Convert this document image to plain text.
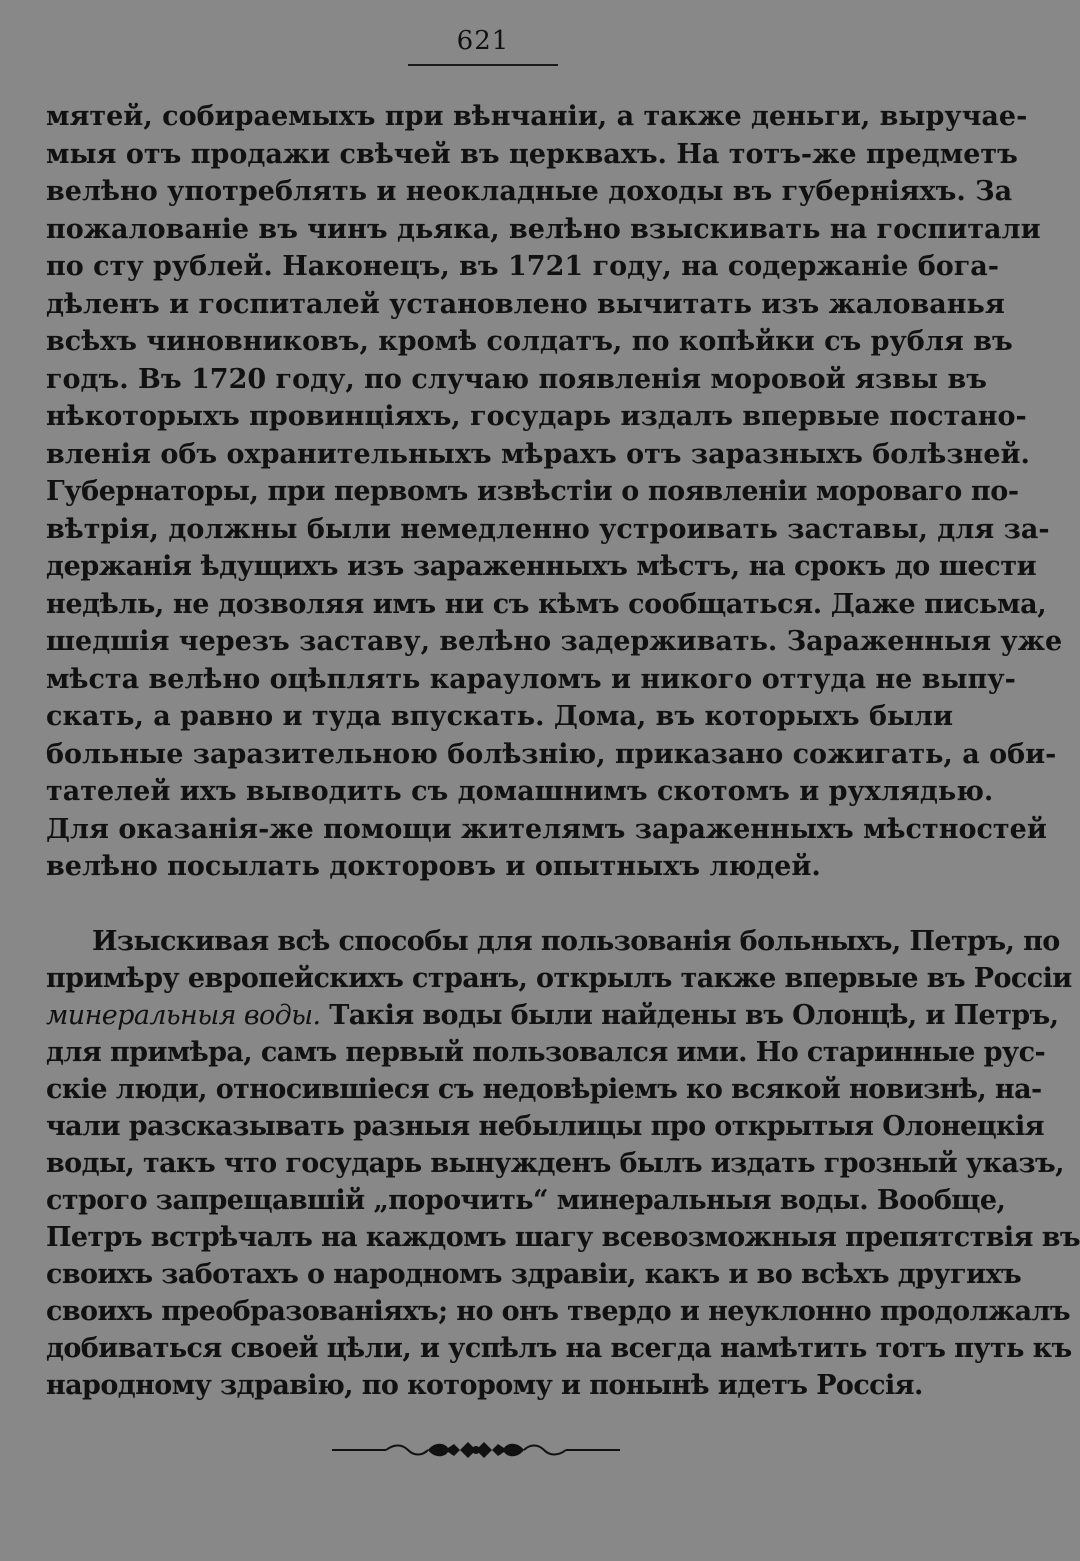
621
мятей, собираемыхъ при вѣнчаніи, а также деньги, выручае-
мыя отъ продажи свѣчей въ церквахъ. На тотъ-же предметъ
велѣно употреблять и неокладные доходы въ губерніяхъ. За
пожалованіе въ чинъ дьяка, велѣно взыскивать на госпитали
по сту рублей. Наконецъ, въ 1721 году, на содержаніе бога-
дѣленъ и госпиталей установлено вычитать изъ жалованья
всѣхъ чиновниковъ, кромѣ солдатъ, по копѣйки съ рубля въ
годъ. Въ 1720 году, по случаю появленія моровой язвы въ
нѣкоторыхъ провинціяхъ, государь издалъ впервые постано-
вленія объ охранительныхъ мѣрахъ отъ заразныхъ болѣзней.
Губернаторы, при первомъ извѣстіи о появленіи мороваго по-
вѣтрія, должны были немедленно устроивать заставы, для за-
держанія ѣдущихъ изъ зараженныхъ мѣстъ, на срокъ до шести
недѣль, не дозволяя имъ ни съ кѣмъ сообщаться. Даже письма,
шедшія черезъ заставу, велѣно задерживать. Зараженныя уже
мѣста велѣно оцѣплять карауломъ и никого оттуда не выпу-
скать, а равно и туда впускать. Дома, въ которыхъ были
больные заразительною болѣзнію, приказано сожигать, а оби-
тателей ихъ выводить съ домашнимъ скотомъ и рухлядью.
Для оказанія-же помощи жителямъ зараженныхъ мѣстностей
велѣно посылать докторовъ и опытныхъ людей.
Изыскивая всѣ способы для пользованія больныхъ, Петръ, по
примѣру европейскихъ странъ, открылъ также впервые въ Россіи
минеральныя воды. Такія воды были найдены въ Олонцѣ, и Петръ,
для примѣра, самъ первый пользовался ими. Но старинные рус-
скіе люди, относившіеся съ недовѣріемъ ко всякой новизнѣ, на-
чали разсказывать разныя небылицы про открытыя Олонецкія
воды, такъ что государь вынужденъ былъ издать грозный указъ,
строго запрещавшій „порочить“ минеральныя воды. Вообще,
Петръ встрѣчалъ на каждомъ шагу всевозможныя препятствія въ
своихъ заботахъ о народномъ здравіи, какъ и во всѣхъ другихъ
своихъ преобразованіяхъ; но онъ твердо и неуклонно продолжалъ
добиваться своей цѣли, и успѣлъ на всегда намѣтить тотъ путь къ
народному здравію, по которому и понынѣ идетъ Россія.
